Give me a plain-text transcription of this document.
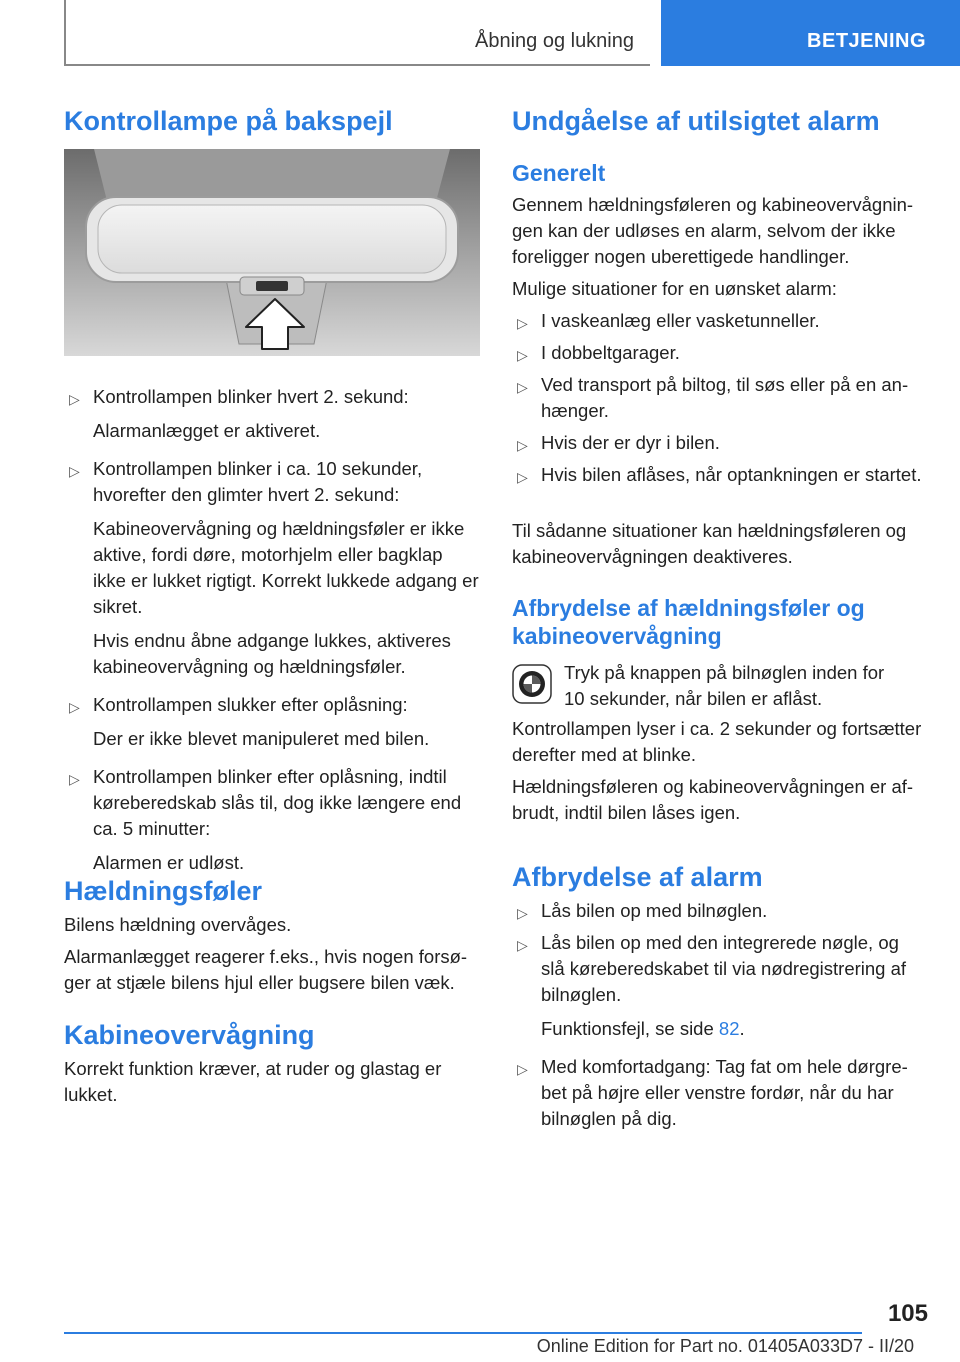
Åbning og lukning	BETJENING
Kontrollampe på bakspejl
▷ Kontrollampen blinker hvert 2. sekund:
Alarmanlægget er aktiveret.
▷ Kontrollampen blinker i ca. 10 sekunder, hvorefter den glimter hvert 2. sekund:
Kabineovervågning og hældningsføler er ikke aktive, fordi døre, motorhjelm eller bagklap ikke er lukket rigtigt. Korrekt lukkede adgang er sikret.
Hvis endnu åbne adgange lukkes, aktiveres kabineovervågning og hældningsføler.
▷ Kontrollampen slukker efter oplåsning:
Der er ikke blevet manipuleret med bilen.
▷ Kontrollampen blinker efter oplåsning, indtil køreberedskab slås til, dog ikke længere end ca. 5 minutter:
Alarmen er udløst.
Hældningsføler

Bilens hældning overvåges.

Alarmanlægget reagerer f.eks., hvis nogen forsøger at stjæle bilens hjul eller bugsere bilen væk.

Kabineovervågning

Korrekt funktion kræver, at ruder og glastag er lukket.

Undgåelse af utilsigtet alarm
Generelt

Gennem hældningsføleren og kabineovervågningen kan der udløses en alarm, selvom der ikke foreligger nogen uberettigede handlinger.

Mulige situationer for en uønsket alarm:

▷ I vaskeanlæg eller vasketunneller.
▷ I dobbeltgarager.
▷ Ved transport på biltog, til søs eller på en anhænger.
▷ Hvis der er dyr i bilen.
▷ Hvis bilen aflåses, når optankningen er startet.

Til sådanne situationer kan hældningsføleren og kabineovervågningen deaktiveres.

Afbrydelse af hældningsføler og kabineovervågning

Tryk på knappen på bilnøglen inden for

10 sekunder, når bilen er aflåst.

Kontrollampen lyser i ca. 2 sekunder og fortsætter derefter med at blinke.

Hældningsføleren og kabineovervågningen er afbrudt, indtil bilen låses igen.

Afbrydelse af alarm
▷ Lås bilen op med bilnøglen.
▷ Lås bilen op med den integrerede nøgle, og slå køreberedskabet til via nødregistrering af bilnøglen.
Funktionsfejl, se side 82.
▷ Med komfortadgang: Tag fat om hele dørgrebet på højre eller venstre fordør, når du har bilnøglen på dig.
105
Online Edition for Part no. 01405A033D7 - II/20
